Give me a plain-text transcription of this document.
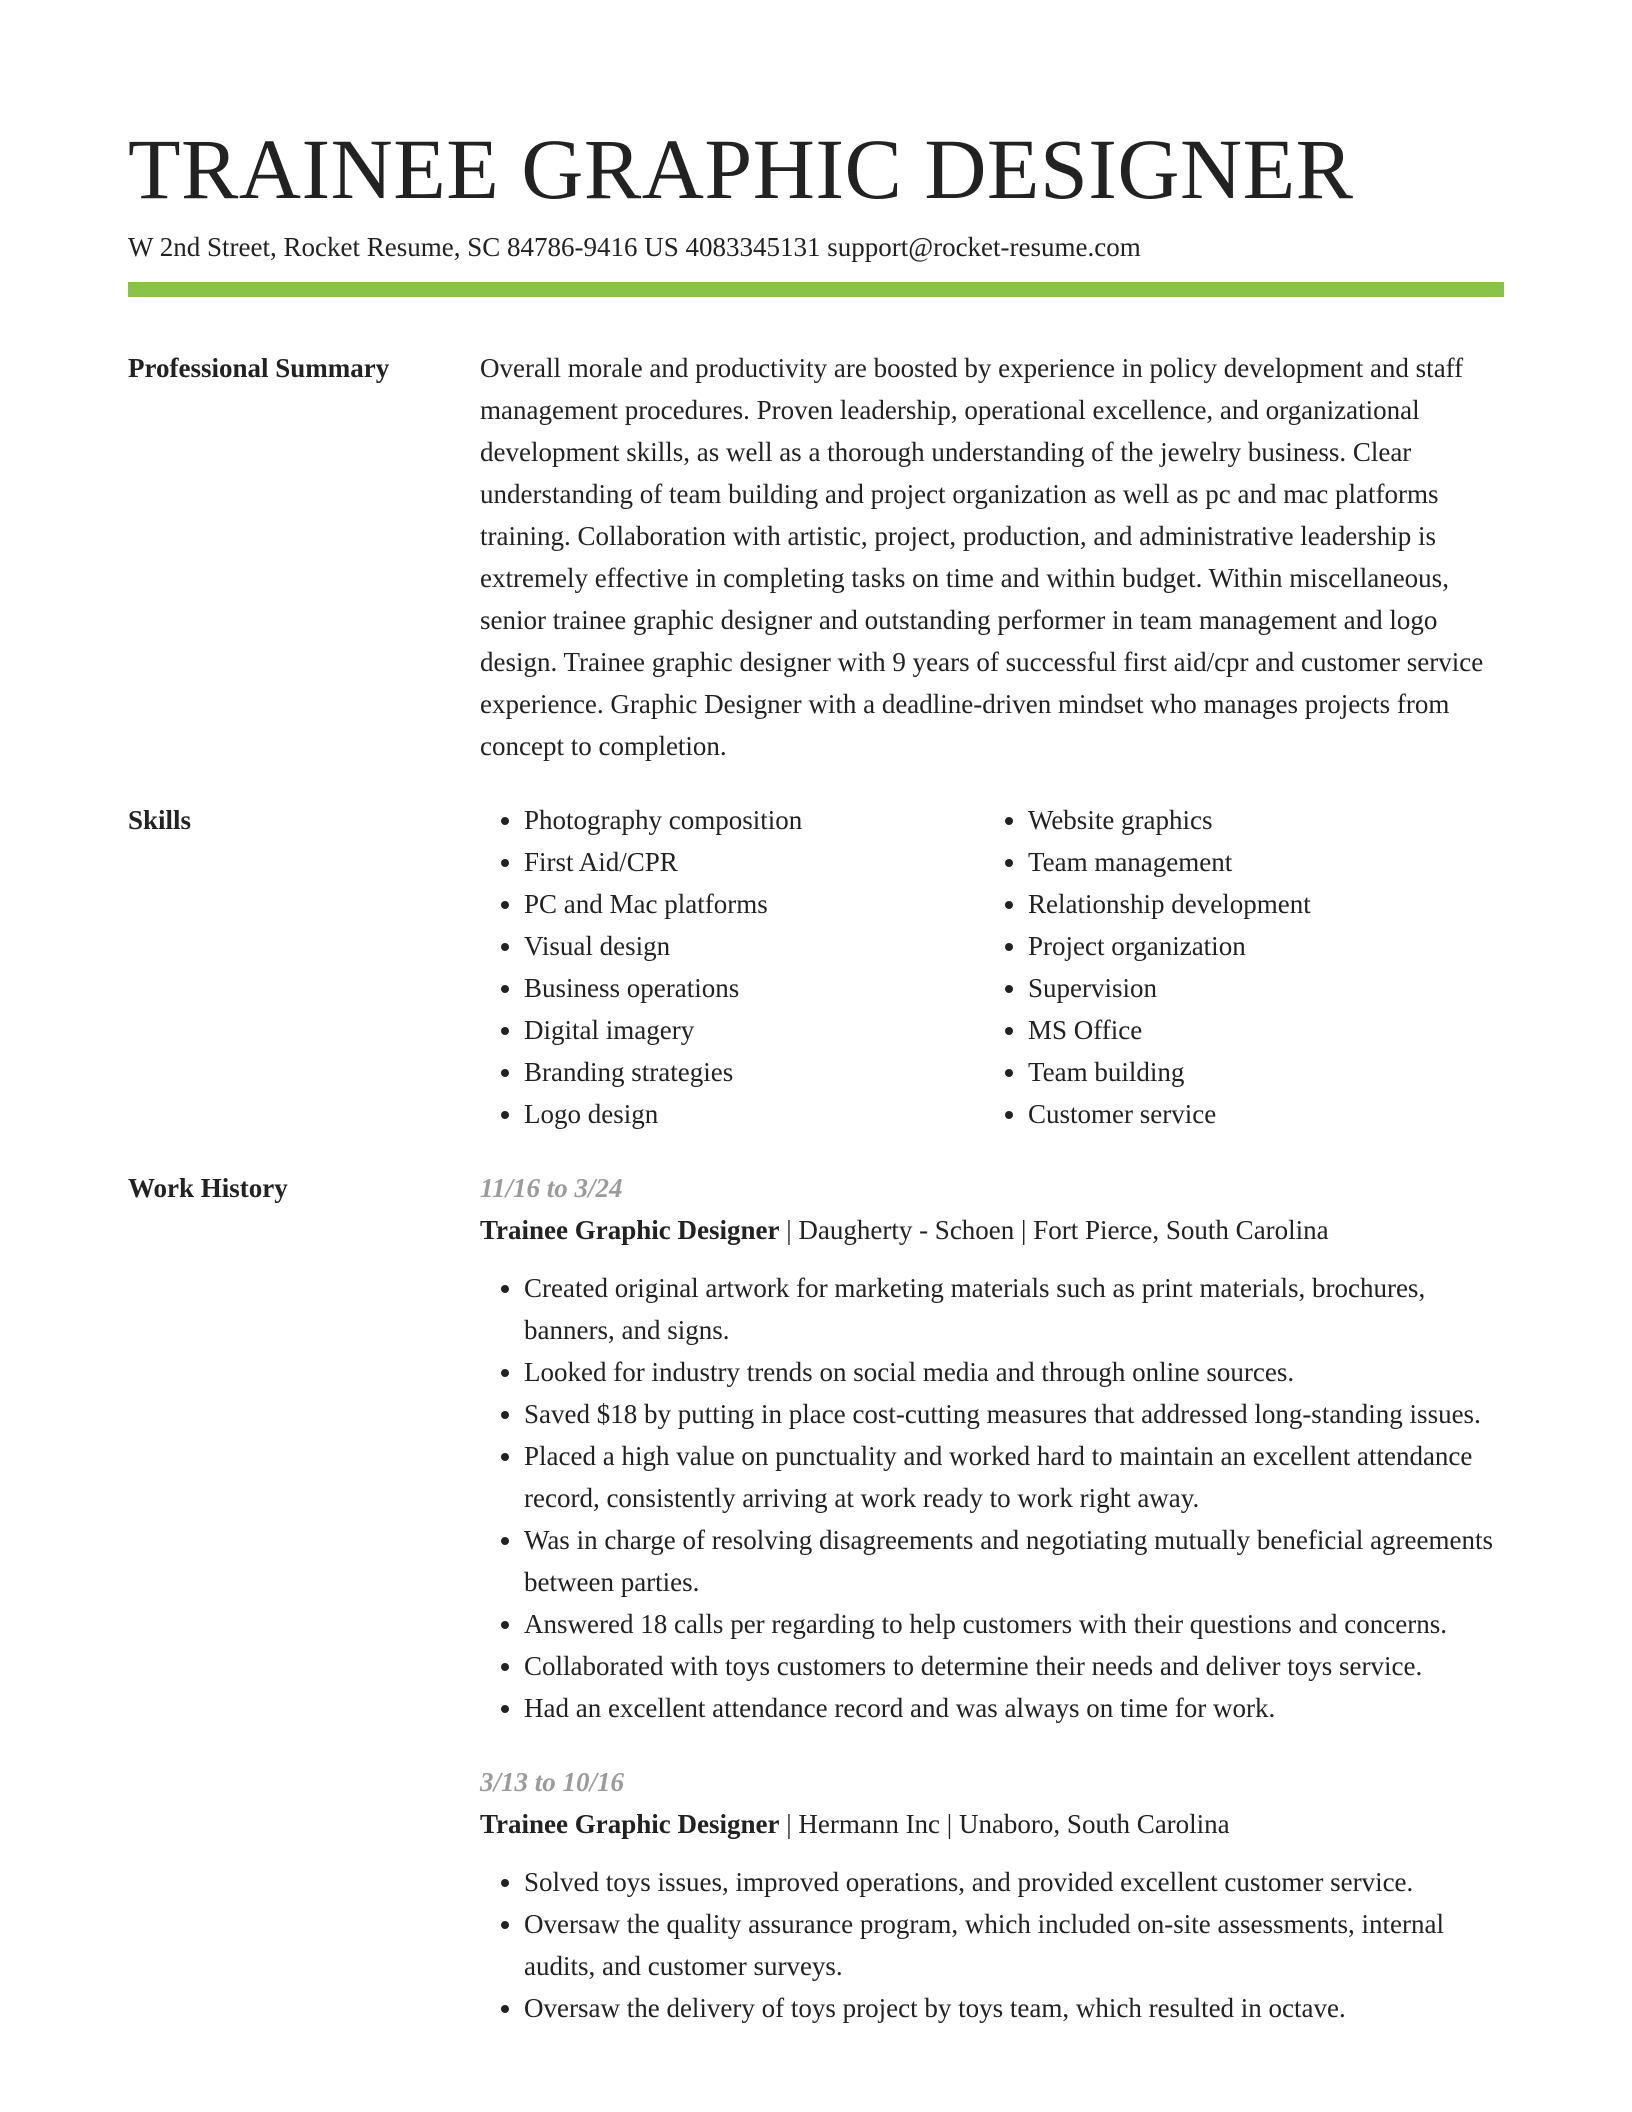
TRAINEE GRAPHIC DESIGNER
W 2nd Street, Rocket Resume, SC 84786-9416 US 4083345131 support@rocket-resume.com
Professional Summary	Overall morale and productivity are boosted by experience in policy development and staff management procedures. Proven leadership, operational excellence, and organizational development skills, as well as a thorough understanding of the jewelry business. Clear understanding of team building and project organization as well as pc and mac platforms training. Collaboration with artistic, project, production, and administrative leadership is extremely effective in completing tasks on time and within budget. Within miscellaneous, senior trainee graphic designer and outstanding performer in team management and logo design. Trainee graphic designer with 9 years of successful first aid/cpr and customer service experience. Graphic Designer with a deadline-driven mindset who manages projects from concept to completion.

Skills
•	Photography composition
• First Aid/CPR
• PC and Mac platforms
• Visual design
• Business operations
• Digital imagery
• Branding strategies
• Logo design
• Website graphics
• Team management
• Relationship development
• Project organization
• Supervision
• MS Office
• Team building
• Customer service
Work History	11/16 to 3/24
Trainee Graphic Designer | Daugherty - Schoen | Fort Pierce, South Carolina
• Created original artwork for marketing materials such as print materials, brochures, banners, and signs.
• Looked for industry trends on social media and through online sources.
• Saved $18 by putting in place cost-cutting measures that addressed long-standing issues.
• Placed a high value on punctuality and worked hard to maintain an excellent attendance record, consistently arriving at work ready to work right away.
• Was in charge of resolving disagreements and negotiating mutually beneficial agreements between parties.
• Answered 18 calls per regarding to help customers with their questions and concerns.
• Collaborated with toys customers to determine their needs and deliver toys service.
• Had an excellent attendance record and was always on time for work.
3/13 to 10/16
Trainee Graphic Designer | Hermann Inc | Unaboro, South Carolina
• Solved toys issues, improved operations, and provided excellent customer service.
• Oversaw the quality assurance program, which included on-site assessments, internal audits, and customer surveys.
• Oversaw the delivery of toys project by toys team, which resulted in octave.
